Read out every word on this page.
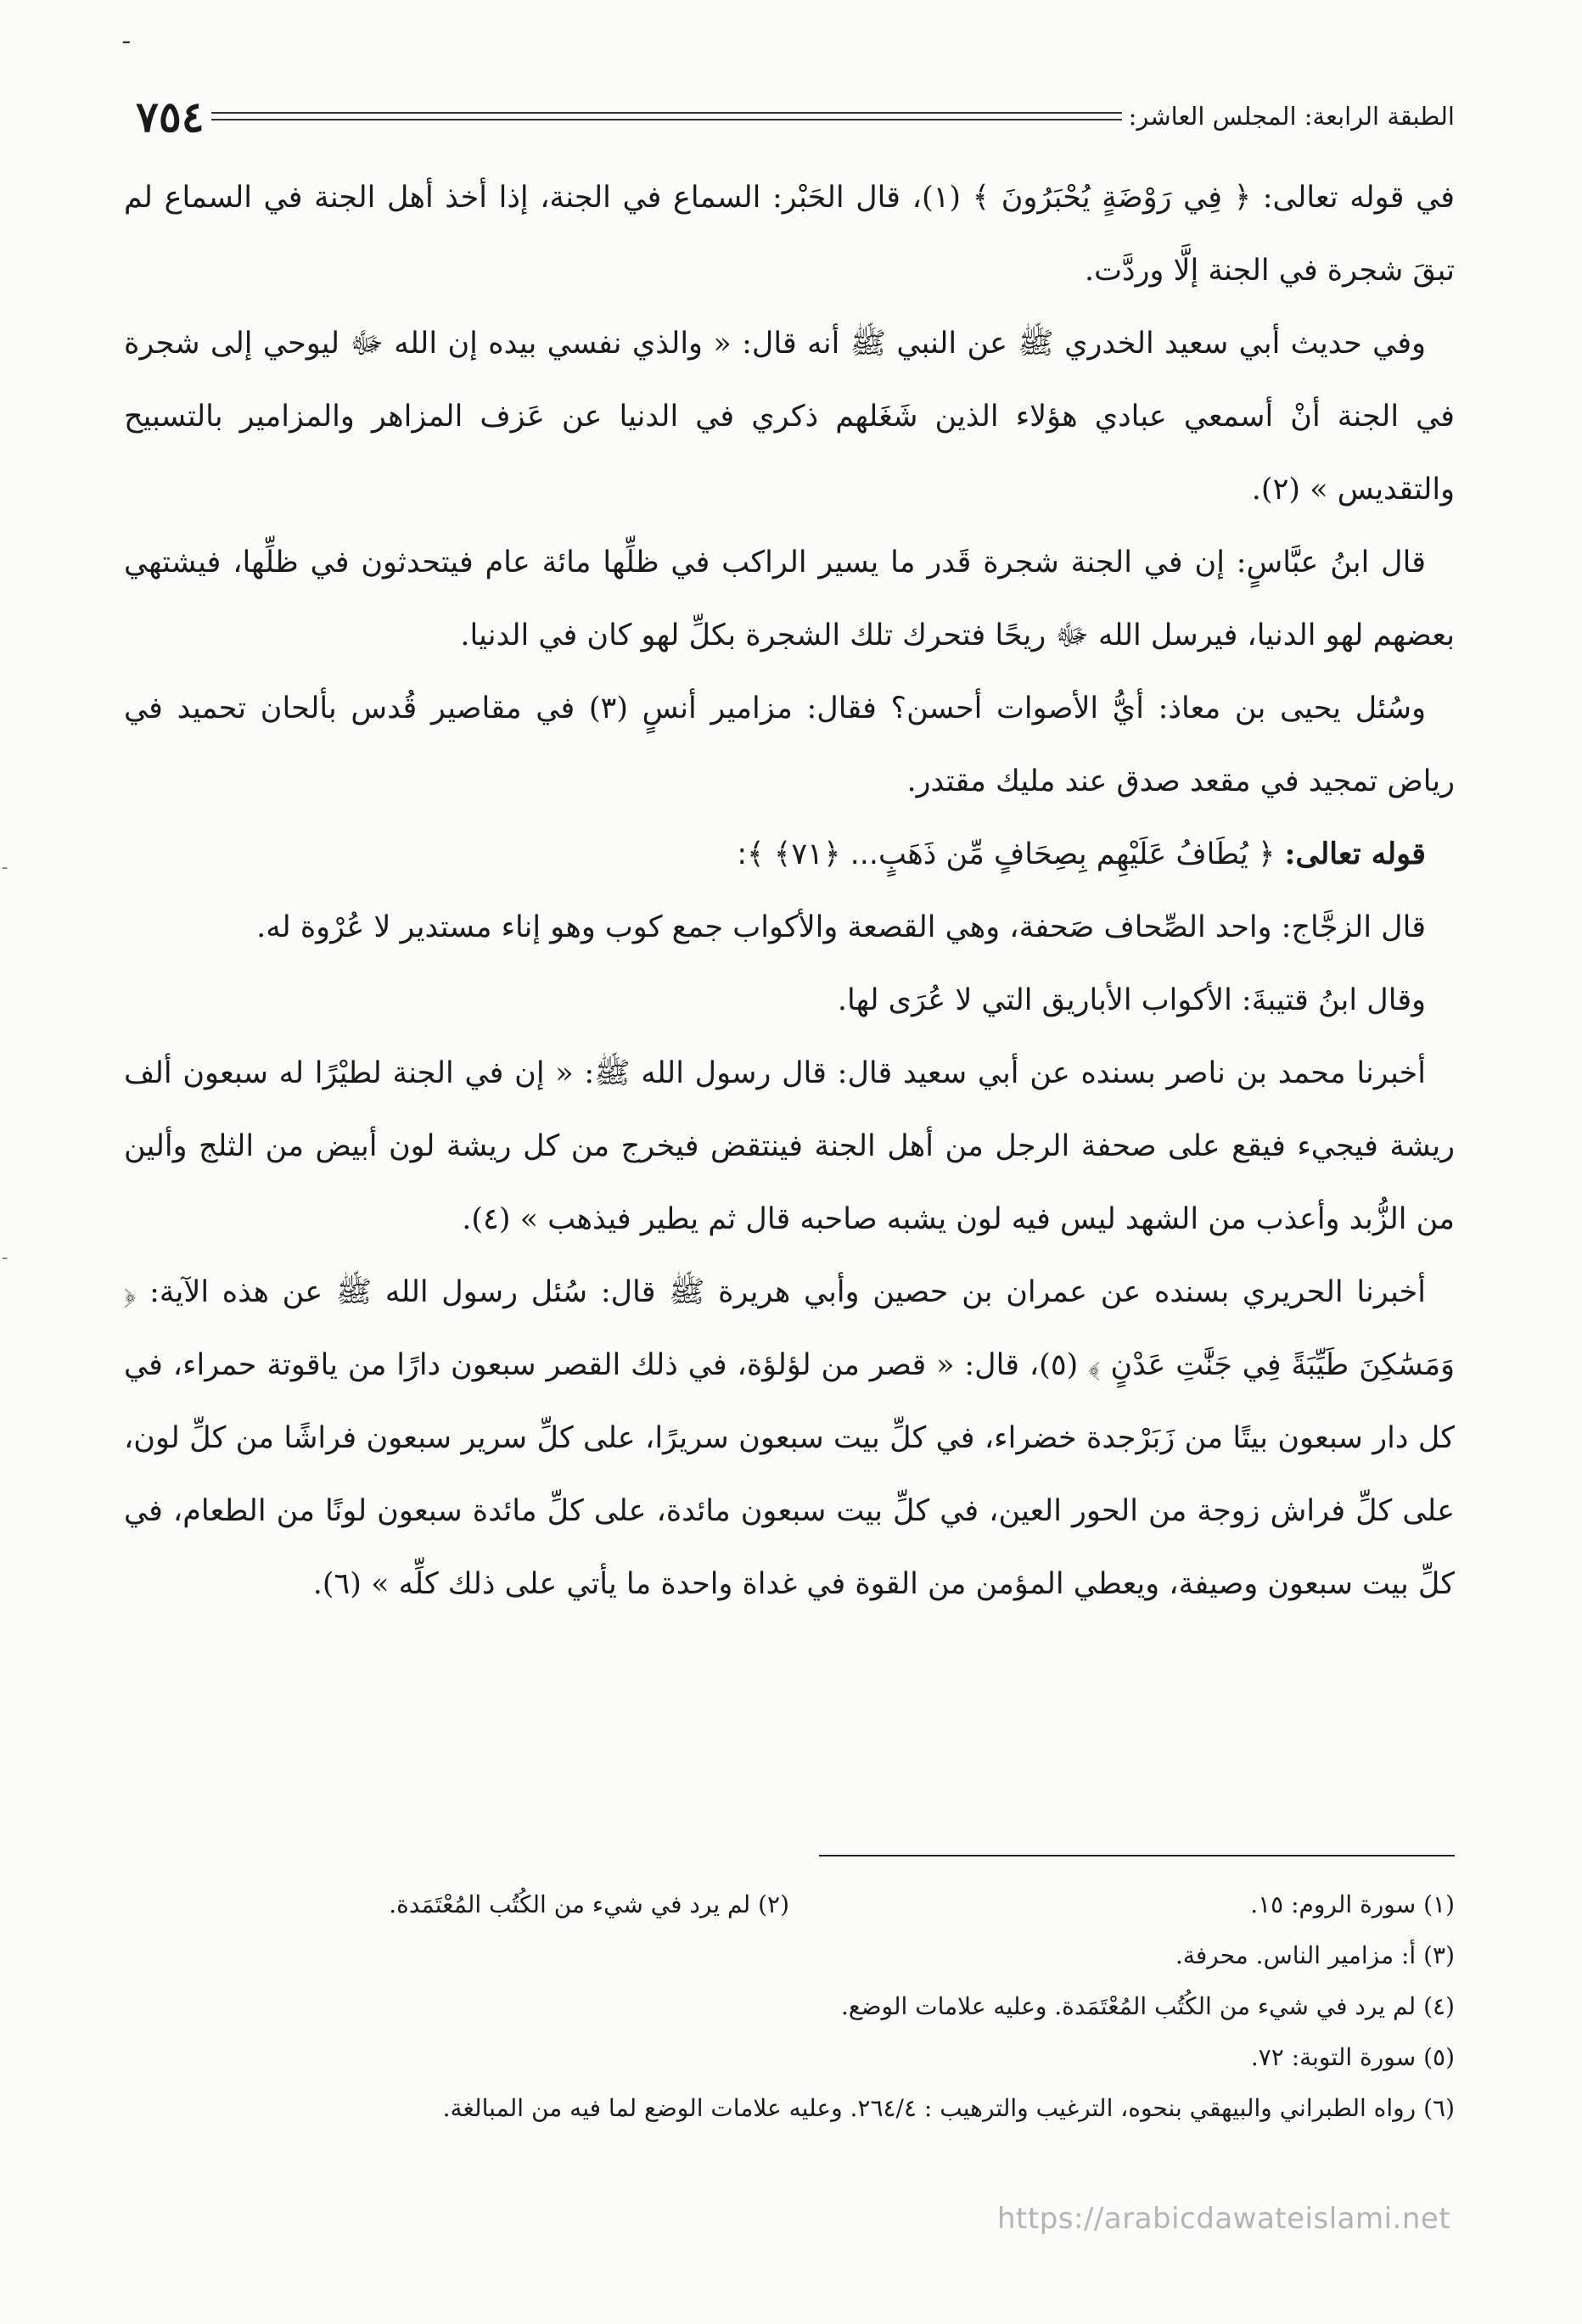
ـ
-
-
٧٥٤	الطبقة الرابعة: المجلس العاشر:

في قوله تعالى: ﴿ فِي رَوْضَةٍ يُحْبَرُونَ ﴾ (١)، قال الحَبْر: السماع في الجنة، إذا أخذ أهل الجنة في السماع لم تبقَ شجرة في الجنة إلَّا وردَّت.

وفي حديث أبي سعيد الخدري ﷺ عن النبي ﷺ أنه قال: « والذي نفسي بيده إن الله ﷻ ليوحي إلى شجرة في الجنة أنْ أسمعي عبادي هؤلاء الذين شَغَلهم ذكري في الدنيا عن عَزف المزاهر والمزامير بالتسبيح والتقديس » (٢).

قال ابنُ عبَّاسٍ: إن في الجنة شجرة قَدر ما يسير الراكب في ظلِّها مائة عام فيتحدثون في ظلِّها، فيشتهي بعضهم لهو الدنيا، فيرسل الله ﷻ ريحًا فتحرك تلك الشجرة بكلِّ لهو كان في الدنيا.

وسُئل يحيى بن معاذ: أيُّ الأصوات أحسن؟ فقال: مزامير أنسٍ (٣) في مقاصير قُدس بألحان تحميد في رياض تمجيد في مقعد صدق عند مليك مقتدر.

قوله تعالى: ﴿ يُطَافُ عَلَيْهِم بِصِحَافٍ مِّن ذَهَبٍ... ﴿٧١﴾ ﴾:

قال الزجَّاج: واحد الصِّحاف صَحفة، وهي القصعة والأكواب جمع كوب وهو إناء مستدير لا عُرْوة له.

وقال ابنُ قتيبةَ: الأكواب الأباريق التي لا عُرَى لها.

أخبرنا محمد بن ناصر بسنده عن أبي سعيد قال: قال رسول الله ﷺ: « إن في الجنة لطيْرًا له سبعون ألف ريشة فيجيء فيقع على صحفة الرجل من أهل الجنة فينتقض فيخرج من كل ريشة لون أبيض من الثلج وألين من الزُّبد وأعذب من الشهد ليس فيه لون يشبه صاحبه قال ثم يطير فيذهب » (٤).

أخبرنا الحريري بسنده عن عمران بن حصين وأبي هريرة ﷺ قال: سُئل رسول الله ﷺ عن هذه الآية: ﴿ وَمَسَٰكِنَ طَيِّبَةً فِي جَنَّٰتِ عَدْنٍ ﴾ (٥)، قال: « قصر من لؤلؤة، في ذلك القصر سبعون دارًا من ياقوتة حمراء، في كل دار سبعون بيتًا من زَبَرْجدة خضراء، في كلِّ بيت سبعون سريرًا، على كلِّ سرير سبعون فراشًا من كلِّ لون، على كلِّ فراش زوجة من الحور العين، في كلِّ بيت سبعون مائدة، على كلِّ مائدة سبعون لونًا من الطعام، في كلِّ بيت سبعون وصيفة، ويعطي المؤمن من القوة في غداة واحدة ما يأتي على ذلك كلِّه » (٦).

(١) سورة الروم: ١٥.
(٢) لم يرد في شيء من الكُتُب المُعْتَمَدة.
(٣) أ: مزامير الناس. محرفة.
(٤) لم يرد في شيء من الكُتُب المُعْتَمَدة. وعليه علامات الوضع.
(٥) سورة التوبة: ٧٢.
(٦) رواه الطبراني والبيهقي بنحوه، الترغيب والترهيب : ٢٦٤/٤. وعليه علامات الوضع لما فيه من المبالغة.
https://arabicdawateislami.net
